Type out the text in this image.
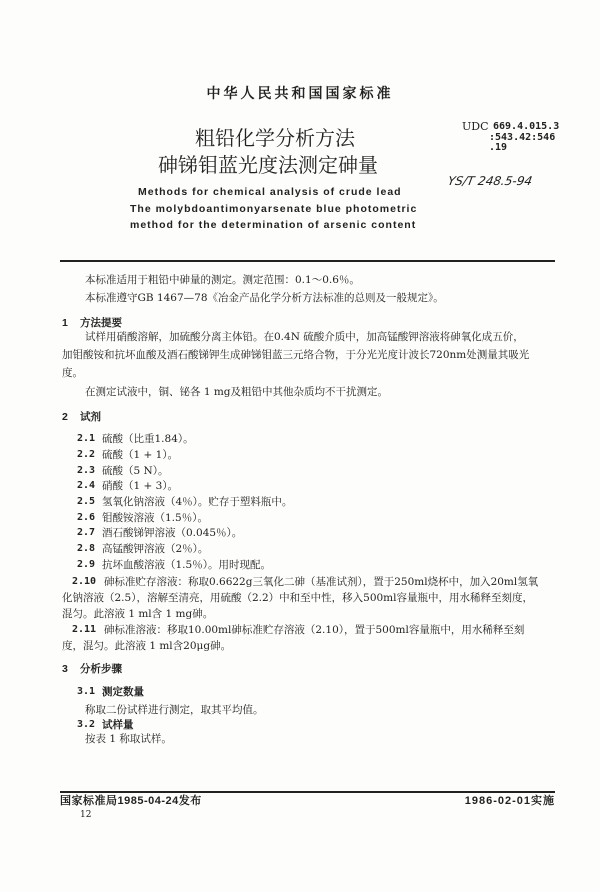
中华人民共和国国家标准
粗铅化学分析方法
砷锑钼蓝光度法测定砷量
Methods for chemical analysis of crude lead
The molybdoantimonyarsenate blue photometric
method for the determination of arsenic content
UDC 669.4.015.3
:543.42:546
.19
YS/T 248.5-94
本标准适用于粗铅中砷量的测定。测定范围：0.1～0.6％。
本标准遵守GB 1467—78《冶金产品化学分析方法标准的总则及一般规定》。
1 方法提要
试样用硝酸溶解，加硫酸分离主体铅。在0.4N 硫酸介质中，加高锰酸钾溶液将砷氧化成五价，
加钼酸铵和抗坏血酸及酒石酸锑钾生成砷锑钼蓝三元络合物，于分光光度计波长720nm处测量其吸光
度。
在测定试液中，铜、铋各 1 mg及粗铅中其他杂质均不干扰测定。
2 试剂
2.1 硫酸（比重1.84）。
2.2 硫酸（1 + 1）。
2.3 硫酸（5 N）。
2.4 硝酸（1 + 3）。
2.5 氢氧化钠溶液（4％）。贮存于塑料瓶中。
2.6 钼酸铵溶液（1.5％）。
2.7 酒石酸锑钾溶液（0.045％）。
2.8 高锰酸钾溶液（2％）。
2.9 抗坏血酸溶液（1.5％）。用时现配。
2.10 砷标准贮存溶液：称取0.6622g三氧化二砷（基准试剂），置于250ml烧杯中，加入20ml氢氧
化钠溶液（2.5），溶解至清亮，用硫酸（2.2）中和至中性，移入500ml容量瓶中，用水稀释至刻度，
混匀。此溶液 1 ml含 1 mg砷。
2.11 砷标准溶液：移取10.00ml砷标准贮存溶液（2.10），置于500ml容量瓶中，用水稀释至刻
度，混匀。此溶液 1 ml含20μg砷。
3 分析步骤
3.1 测定数量
称取二份试样进行测定，取其平均值。
3.2 试样量
按表 1 称取试样。
国家标准局1985-04-24发布	1986-02-01实施
12
